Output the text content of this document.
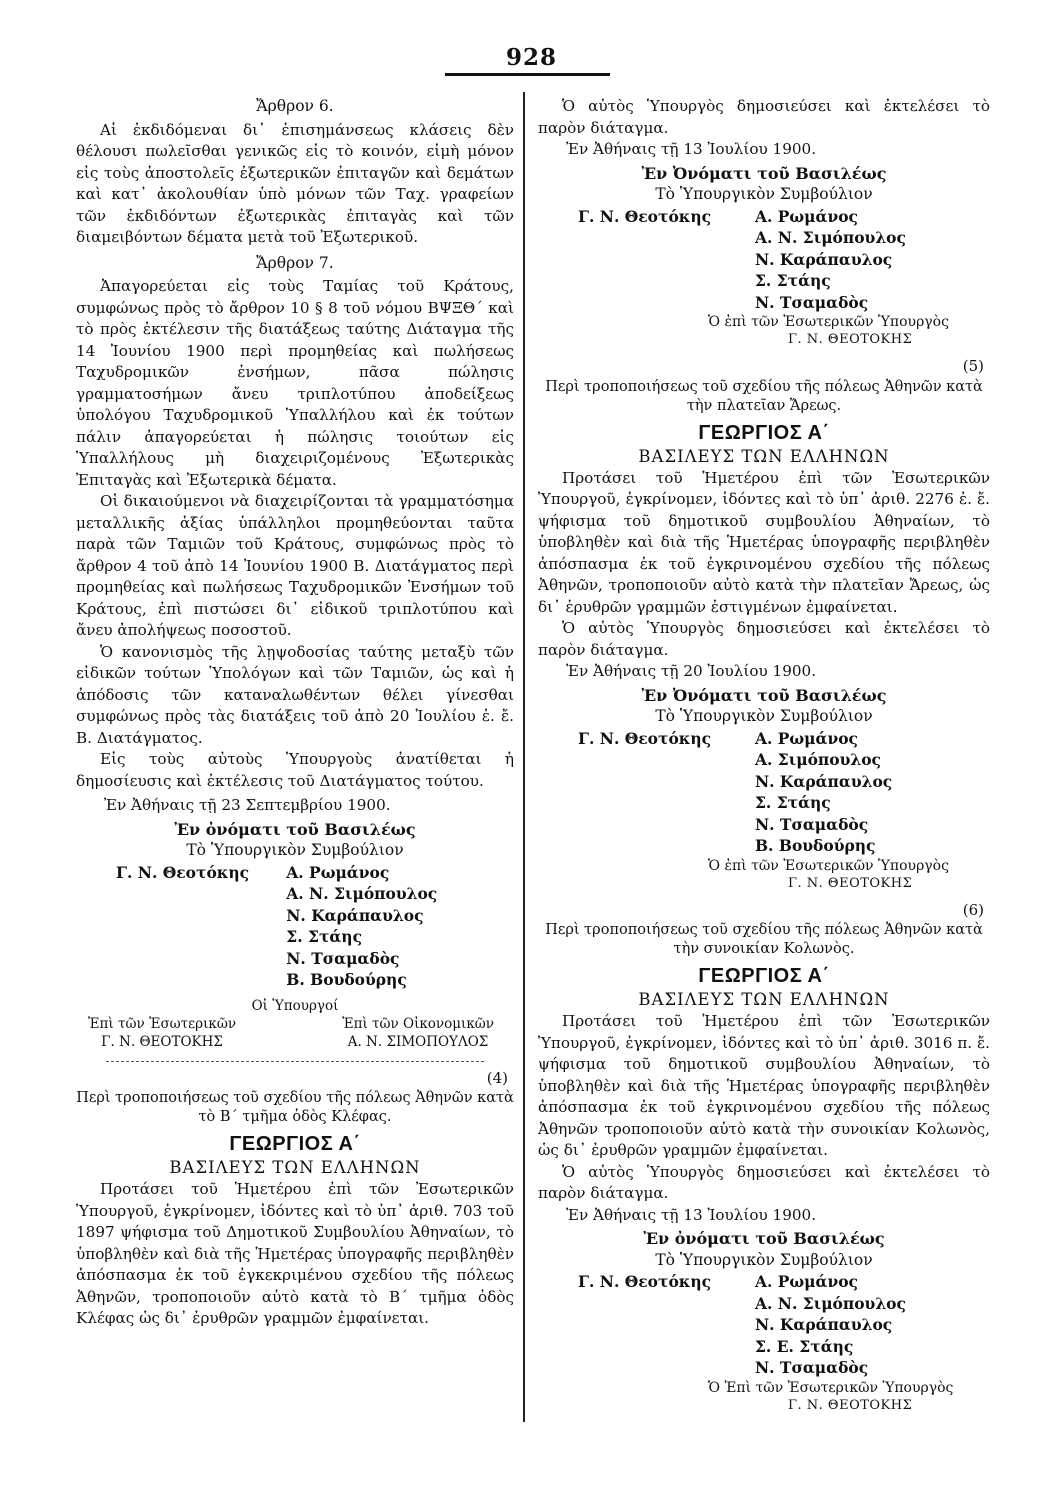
928
Ἄρθρον 6.

Αἱ ἐκδιδόμεναι δι᾽ ἐπισημάνσεως κλάσεις δὲν θέλουσι πωλεῖσθαι γενικῶς εἰς τὸ κοινόν, εἰμὴ μόνον εἰς τοὺς ἀποστολεῖς ἐξωτερικῶν ἐπιταγῶν καὶ δεμάτων καὶ κατ᾽ ἀκολουθίαν ὑπὸ μόνων τῶν Ταχ. γραφείων τῶν ἐκδιδόντων ἐξωτερικὰς ἐπιταγὰς καὶ τῶν διαμειβόντων δέματα μετὰ τοῦ Ἐξωτερικοῦ.

Ἄρθρον 7.

Ἀπαγορεύεται εἰς τοὺς Ταμίας τοῦ Κράτους, συμφώνως πρὸς τὸ ἄρθρον 10 § 8 τοῦ νόμου ΒΨΞΘ΄ καὶ τὸ πρὸς ἐκτέλεσιν τῆς διατάξεως ταύτης Διάταγμα τῆς 14 Ἰουνίου 1900 περὶ προμηθείας καὶ πωλήσεως Ταχυδρομικῶν ἐνσήμων, πᾶσα πώλησις γραμματοσήμων ἄνευ τριπλοτύπου ἀποδείξεως ὑπολόγου Ταχυδρομικοῦ Ὑπαλλήλου καὶ ἐκ τούτων πάλιν ἀπαγορεύεται ἡ πώλησις τοιούτων εἰς Ὑπαλλήλους μὴ διαχειριζομένους Ἐξωτερικὰς Ἐπιταγὰς καὶ Ἐξωτερικὰ δέματα.

Οἱ δικαιούμενοι νὰ διαχειρίζονται τὰ γραμματόσημα μεταλλικῆς ἀξίας ὑπάλληλοι προμηθεύονται ταῦτα παρὰ τῶν Ταμιῶν τοῦ Κράτους, συμφώνως πρὸς τὸ ἄρθρον 4 τοῦ ἀπὸ 14 Ἰουνίου 1900 Β. Διατάγματος περὶ προμηθείας καὶ πωλήσεως Ταχυδρομικῶν Ἐνσήμων τοῦ Κράτους, ἐπὶ πιστώσει δι᾽ εἰδικοῦ τριπλοτύπου καὶ ἄνευ ἀπολήψεως ποσοστοῦ.

Ὁ κανονισμὸς τῆς λῃψοδοσίας ταύτης μεταξὺ τῶν εἰδικῶν τούτων Ὑπολόγων καὶ τῶν Ταμιῶν, ὡς καὶ ἡ ἀπόδοσις τῶν καταναλωθέντων θέλει γίνεσθαι συμφώνως πρὸς τὰς διατάξεις τοῦ ἀπὸ 20 Ἰουλίου ἐ. ἔ. Β. Διατάγματος.

Εἰς τοὺς αὐτοὺς Ὑπουργοὺς ἀνατίθεται ἡ δημοσίευσις καὶ ἐκτέλεσις τοῦ Διατάγματος τούτου.

Ἐν Ἀθήναις τῇ 23 Σεπτεμβρίου 1900.
Ἐν ὀνόματι τοῦ Βασιλέως
Τὸ Ὑπουργικὸν Συμβούλιον
Γ. Ν. Θεοτόκης	Α. Ρωμάνος
	Α. Ν. Σιμόπουλος
	Ν. Καράπαυλος
	Σ. Στάης
	Ν. Τσαμαδὸς
	Β. Βουδούρης
Οἱ Ὑπουργοί
Ἐπὶ τῶν Ἐσωτερικῶν
Γ. Ν. ΘΕΟΤΟΚΗΣ
Ἐπὶ τῶν Οἰκονομικῶν
Α. Ν. ΣΙΜΟΠΟΥΛΟΣ
(4)
Περὶ τροποποιήσεως τοῦ σχεδίου τῆς πόλεως Ἀθηνῶν κατὰ τὸ Β΄ τμῆμα ὁδὸς Κλέφας.
ΓΕΩΡΓΙΟΣ Α΄
ΒΑΣΙΛΕΥΣ ΤΩΝ ΕΛΛΗΝΩΝ

Προτάσει τοῦ Ἡμετέρου ἐπὶ τῶν Ἐσωτερικῶν Ὑπουργοῦ, ἐγκρίνομεν, ἰδόντες καὶ τὸ ὑπ᾽ ἀριθ. 703 τοῦ 1897 ψήφισμα τοῦ Δημοτικοῦ Συμβουλίου Ἀθηναίων, τὸ ὑποβληθὲν καὶ διὰ τῆς Ἡμετέρας ὑπογραφῆς περιβληθὲν ἀπόσπασμα ἐκ τοῦ ἐγκεκριμένου σχεδίου τῆς πόλεως Ἀθηνῶν, τροποποιοῦν αὐτὸ κατὰ τὸ Β΄ τμῆμα ὁδὸς Κλέφας ὡς δι᾽ ἐρυθρῶν γραμμῶν ἐμφαίνεται.

Ὁ αὐτὸς Ὑπουργὸς δημοσιεύσει καὶ ἐκτελέσει τὸ παρὸν διάταγμα.

Ἐν Ἀθήναις τῇ 13 Ἰουλίου 1900.
Ἐν Ὀνόματι τοῦ Βασιλέως
Τὸ Ὑπουργικὸν Συμβούλιον
Γ. Ν. Θεοτόκης	Α. Ρωμάνος
	Α. Ν. Σιμόπουλος
	Ν. Καράπαυλος
	Σ. Στάης
	Ν. Τσαμαδὸς
Ὁ ἐπὶ τῶν Ἐσωτερικῶν Ὑπουργὸς
Γ. Ν. ΘΕΟΤΟΚΗΣ
(5)
Περὶ τροποποιήσεως τοῦ σχεδίου τῆς πόλεως Ἀθηνῶν κατὰ τὴν πλατεῖαν Ἄρεως.
ΓΕΩΡΓΙΟΣ Α΄
ΒΑΣΙΛΕΥΣ ΤΩΝ ΕΛΛΗΝΩΝ

Προτάσει τοῦ Ἡμετέρου ἐπὶ τῶν Ἐσωτερικῶν Ὑπουργοῦ, ἐγκρίνομεν, ἰδόντες καὶ τὸ ὑπ᾽ ἀριθ. 2276 ἐ. ἔ. ψήφισμα τοῦ δημοτικοῦ συμβουλίου Ἀθηναίων, τὸ ὑποβληθὲν καὶ διὰ τῆς Ἡμετέρας ὑπογραφῆς περιβληθὲν ἀπόσπασμα ἐκ τοῦ ἐγκρινομένου σχεδίου τῆς πόλεως Ἀθηνῶν, τροποποιοῦν αὐτὸ κατὰ τὴν πλατεῖαν Ἄρεως, ὡς δι᾽ ἐρυθρῶν γραμμῶν ἐστιγμένων ἐμφαίνεται.

Ὁ αὐτὸς Ὑπουργὸς δημοσιεύσει καὶ ἐκτελέσει τὸ παρὸν διάταγμα.

Ἐν Ἀθήναις τῇ 20 Ἰουλίου 1900.
Ἐν Ὀνόματι τοῦ Βασιλέως
Τὸ Ὑπουργικὸν Συμβούλιον
Γ. Ν. Θεοτόκης	Α. Ρωμάνος
	Α. Σιμόπουλος
	Ν. Καράπαυλος
	Σ. Στάης
	Ν. Τσαμαδὸς
	Β. Βουδούρης
Ὁ ἐπὶ τῶν Ἐσωτερικῶν Ὑπουργὸς
Γ. Ν. ΘΕΟΤΟΚΗΣ
(6)
Περὶ τροποποιήσεως τοῦ σχεδίου τῆς πόλεως Ἀθηνῶν κατὰ τὴν συνοικίαν Κολωνὸς.
ΓΕΩΡΓΙΟΣ Α΄
ΒΑΣΙΛΕΥΣ ΤΩΝ ΕΛΛΗΝΩΝ

Προτάσει τοῦ Ἡμετέρου ἐπὶ τῶν Ἐσωτερικῶν Ὑπουργοῦ, ἐγκρίνομεν, ἰδόντες καὶ τὸ ὑπ᾽ ἀριθ. 3016 π. ἔ. ψήφισμα τοῦ δημοτικοῦ συμβουλίου Ἀθηναίων, τὸ ὑποβληθὲν καὶ διὰ τῆς Ἡμετέρας ὑπογραφῆς περιβληθὲν ἀπόσπασμα ἐκ τοῦ ἐγκρινομένου σχεδίου τῆς πόλεως Ἀθηνῶν τροποποιοῦν αὐτὸ κατὰ τὴν συνοικίαν Κολωνὸς, ὡς δι᾽ ἐρυθρῶν γραμμῶν ἐμφαίνεται.

Ὁ αὐτὸς Ὑπουργὸς δημοσιεύσει καὶ ἐκτελέσει τὸ παρὸν διάταγμα.

Ἐν Ἀθήναις τῇ 13 Ἰουλίου 1900.
Ἐν ὀνόματι τοῦ Βασιλέως
Τὸ Ὑπουργικὸν Συμβούλιον
Γ. Ν. Θεοτόκης	Α. Ρωμάνος
	Α. Ν. Σιμόπουλος
	Ν. Καράπαυλος
	Σ. Ε. Στάης
	Ν. Τσαμαδὸς
Ὁ Ἐπὶ τῶν Ἐσωτερικῶν Ὑπουργὸς
Γ. Ν. ΘΕΟΤΟΚΗΣ
